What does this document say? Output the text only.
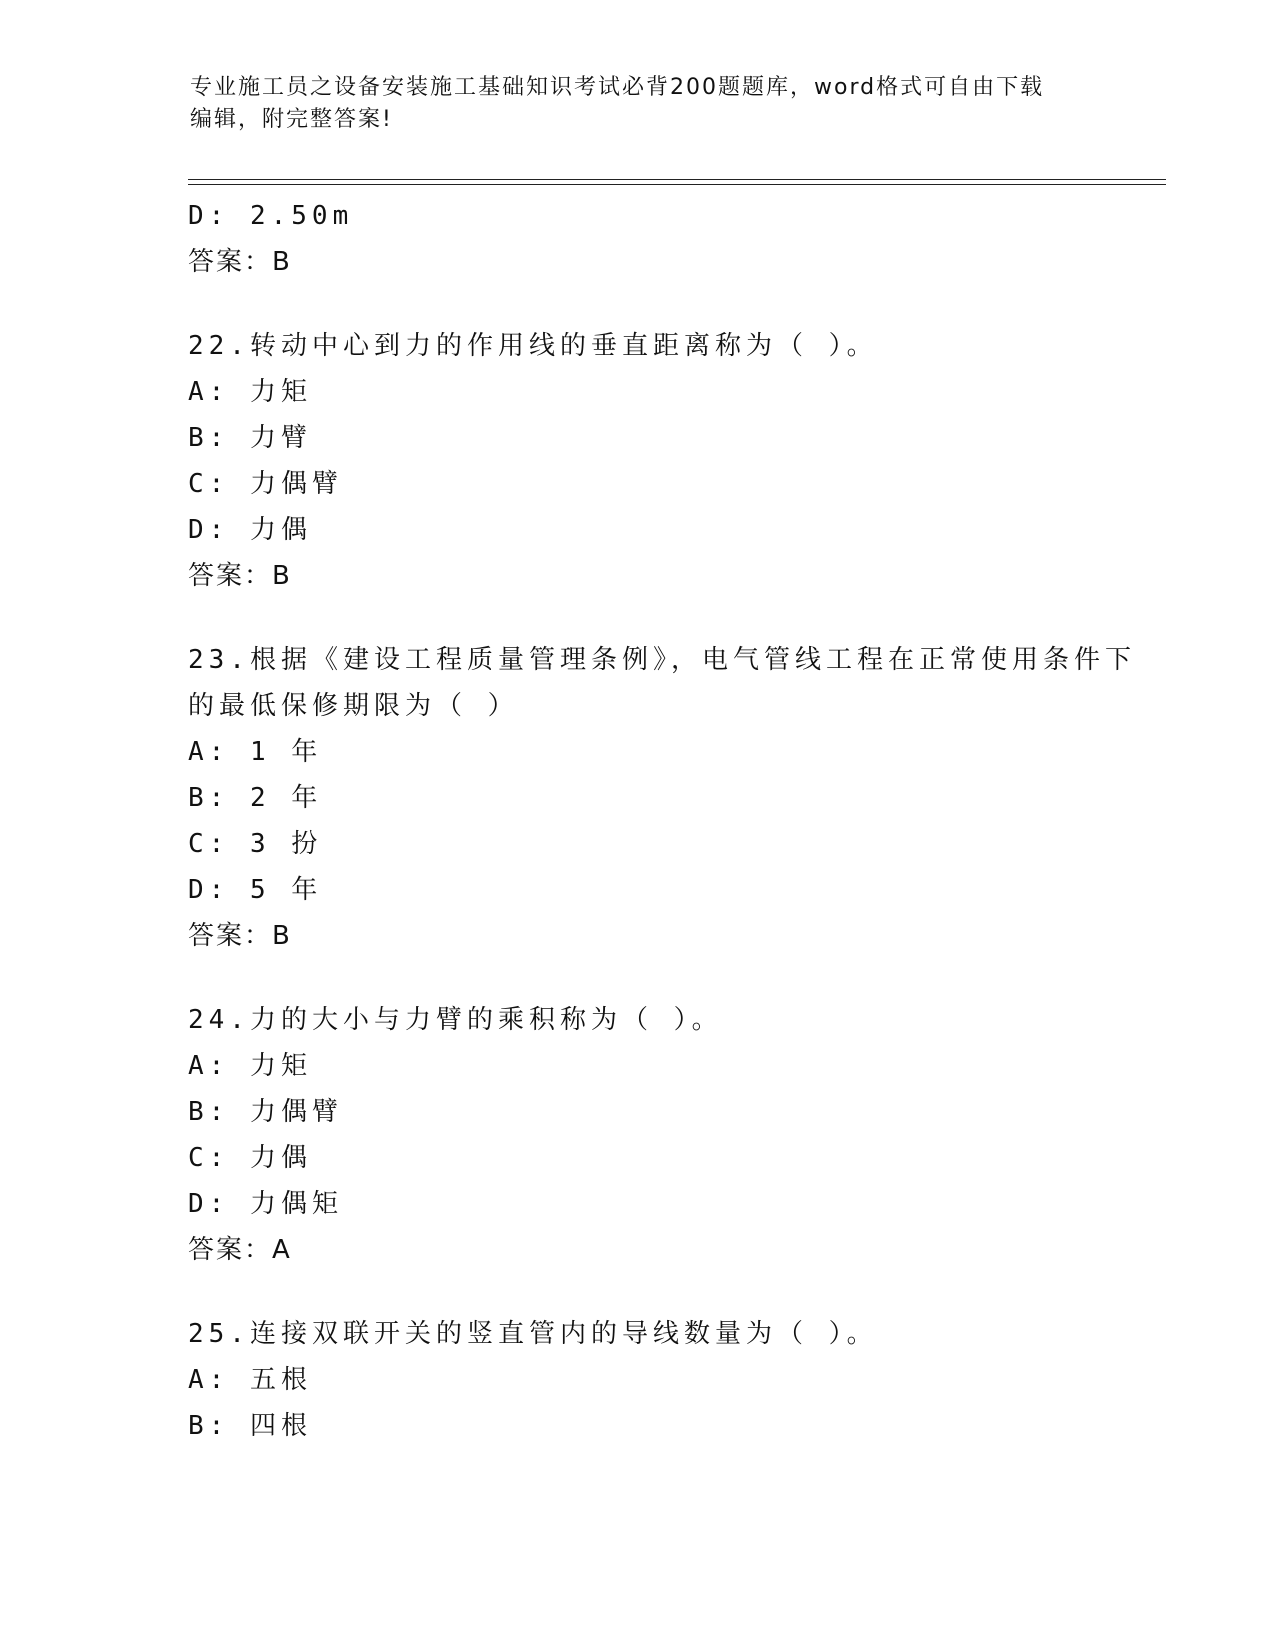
专业施工员之设备安装施工基础知识考试必背200题题库，word格式可自由下载
编辑，附完整答案!
D: 2.50m
答案：B
22.转动中心到力的作用线的垂直距离称为（ ）。
A: 力矩
B: 力臂
C: 力偶臂
D: 力偶
答案：B
23.根据《建设工程质量管理条例》，电气管线工程在正常使用条件下
的最低保修期限为（ ）
A: 1 年
B: 2 年
C: 3 扮
D: 5 年
答案：B
24.力的大小与力臂的乘积称为（ ）。
A: 力矩
B: 力偶臂
C: 力偶
D: 力偶矩
答案：A
25.连接双联开关的竖直管内的导线数量为（ ）。
A: 五根
B: 四根
